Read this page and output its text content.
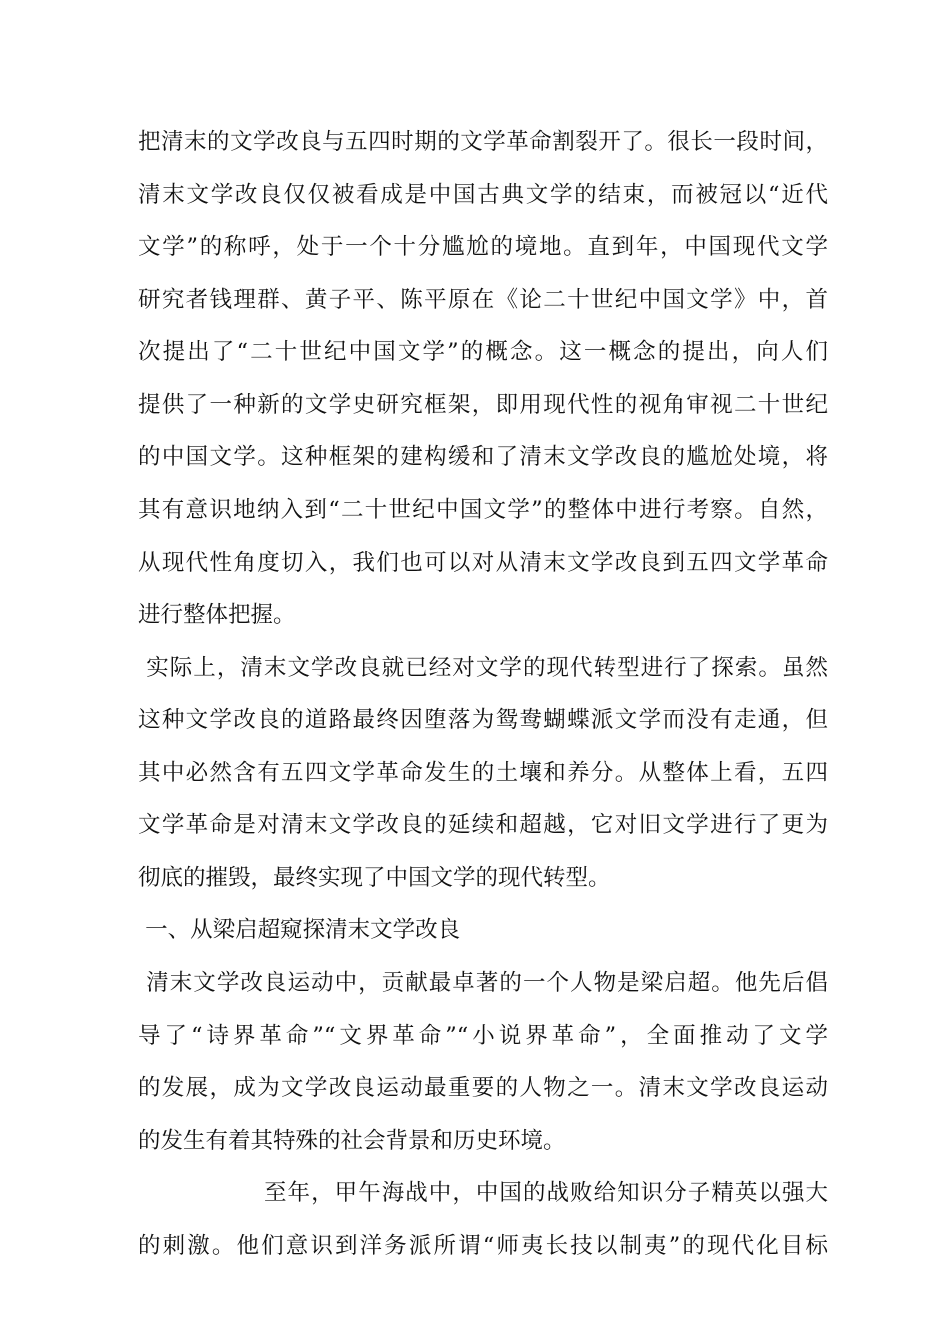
把清末的文学改良与五四时期的文学革命割裂开了。很长一段时间，
清末文学改良仅仅被看成是中国古典文学的结束，而被冠以“近代
文学”的称呼，处于一个十分尴尬的境地。直到年，中国现代文学
研究者钱理群、黄子平、陈平原在《论二十世纪中国文学》中，首
次提出了“二十世纪中国文学”的概念。这一概念的提出，向人们
提供了一种新的文学史研究框架，即用现代性的视角审视二十世纪
的中国文学。这种框架的建构缓和了清末文学改良的尴尬处境，将
其有意识地纳入到“二十世纪中国文学”的整体中进行考察。自然，
从现代性角度切入，我们也可以对从清末文学改良到五四文学革命
进行整体把握。
实际上，清末文学改良就已经对文学的现代转型进行了探索。虽然
这种文学改良的道路最终因堕落为鸳鸯蝴蝶派文学而没有走通，但
其中必然含有五四文学革命发生的土壤和养分。从整体上看，五四
文学革命是对清末文学改良的延续和超越，它对旧文学进行了更为
彻底的摧毁，最终实现了中国文学的现代转型。
一、从梁启超窥探清末文学改良
清末文学改良运动中，贡献最卓著的一个人物是梁启超。他先后倡
导了“诗界革命”“文界革命”“小说界革命”，全面推动了文学
的发展，成为文学改良运动最重要的人物之一。清末文学改良运动
的发生有着其特殊的社会背景和历史环境。
至年，甲午海战中，中国的战败给知识分子精英以强大
的刺激。他们意识到洋务派所谓“师夷长技以制夷”的现代化目标
